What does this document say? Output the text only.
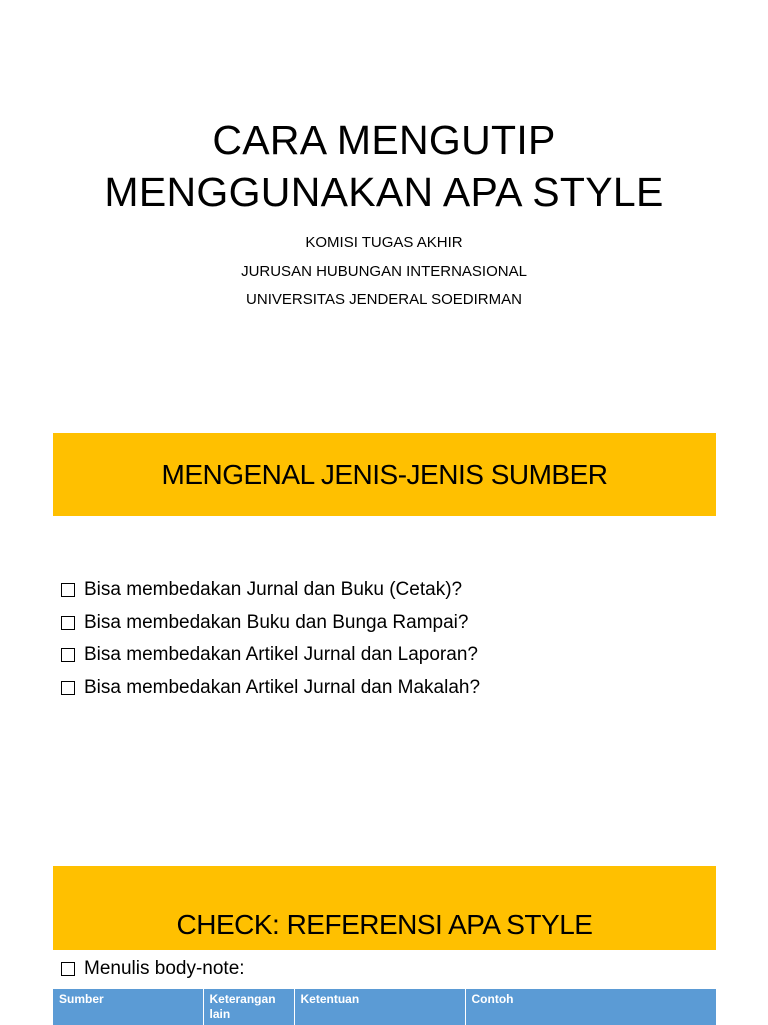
CARA MENGUTIP
MENGGUNAKAN APA STYLE
KOMISI TUGAS AKHIR
JURUSAN HUBUNGAN INTERNASIONAL
UNIVERSITAS JENDERAL SOEDIRMAN
MENGENAL JENIS-JENIS SUMBER
Bisa membedakan Jurnal dan Buku (Cetak)?
Bisa membedakan Buku dan Bunga Rampai?
Bisa membedakan Artikel Jurnal dan Laporan?
Bisa membedakan Artikel Jurnal dan Makalah?
CHECK: REFERENSI APA STYLE
Menulis body-note:
Sumber	Keterangan lain	Ketentuan	Contoh
